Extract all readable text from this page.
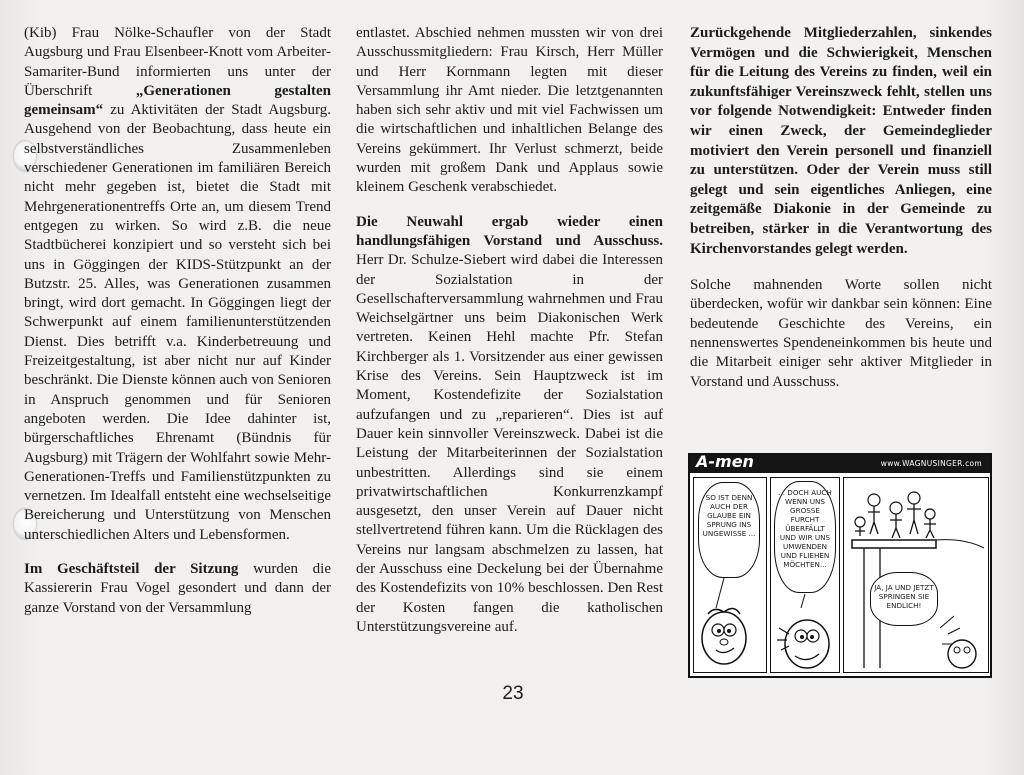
(Kib) Frau Nölke-Schaufler von der Stadt Augsburg und Frau Elsenbeer-Knott vom Arbeiter-Samariter-Bund informierten uns unter der Überschrift „Generationen gestalten gemeinsam“ zu Aktivitäten der Stadt Augsburg. Ausgehend von der Beobachtung, dass heute ein selbstverständliches Zusammenleben verschiedener Generationen im familiären Bereich nicht mehr gegeben ist, bietet die Stadt mit Mehrgenerationentreffs Orte an, um diesem Trend entgegen zu wirken. So wird z.B. die neue Stadtbücherei konzipiert und so versteht sich bei uns in Göggingen der KIDS-Stützpunkt an der Butzstr. 25. Alles, was Generationen zusammen bringt, wird dort gemacht. In Göggingen liegt der Schwerpunkt auf einem familienunterstützenden Dienst. Dies betrifft v.a. Kinderbetreuung und Freizeitgestaltung, ist aber nicht nur auf Kinder beschränkt. Die Dienste können auch von Senioren in Anspruch genommen und für Senioren angeboten werden. Die Idee dahinter ist, bürgerschaftliches Ehrenamt (Bündnis für Augsburg) mit Trägern der Wohlfahrt sowie Mehr-Generationen-Treffs und Familienstützpunkten zu vernetzen. Im Idealfall entsteht eine wechselseitige Bereicherung und Unterstützung von Menschen unterschiedlichen Alters und Lebensformen.

Im Geschäftsteil der Sitzung wurden die Kassiererin Frau Vogel gesondert und dann der ganze Vorstand von der Versammlung

entlastet. Abschied nehmen mussten wir von drei Ausschussmitgliedern: Frau Kirsch, Herr Müller und Herr Kornmann legten mit dieser Versammlung ihr Amt nieder. Die letztgenannten haben sich sehr aktiv und mit viel Fachwissen um die wirtschaftlichen und inhaltlichen Belange des Vereins gekümmert. Ihr Verlust schmerzt, beide wurden mit großem Dank und Applaus sowie kleinem Geschenk verabschiedet.

Die Neuwahl ergab wieder einen handlungsfähigen Vorstand und Ausschuss. Herr Dr. Schulze-Siebert wird dabei die Interessen der Sozialstation in der Gesellschafterversammlung wahrnehmen und Frau Weichselgärtner uns beim Diakonischen Werk vertreten. Keinen Hehl machte Pfr. Stefan Kirchberger als 1. Vorsitzender aus einer gewissen Krise des Vereins. Sein Hauptzweck ist im Moment, Kostendefizite der Sozialstation aufzufangen und zu „reparieren“. Dies ist auf Dauer kein sinnvoller Vereinszweck. Dabei ist die Leistung der Mitarbeiterinnen der Sozialstation unbestritten. Allerdings sind sie einem privatwirtschaftlichen Konkurrenzkampf ausgesetzt, den unser Verein auf Dauer nicht stellvertretend führen kann. Um die Rücklagen des Vereins nur langsam abschmelzen zu lassen, hat der Ausschuss eine Deckelung bei der Übernahme des Kostendefizits von 10% beschlossen. Den Rest der Kosten fangen die katholischen Unterstützungsvereine auf.

Zurückgehende Mitgliederzahlen, sinkendes Vermögen und die Schwierigkeit, Menschen für die Leitung des Vereins zu finden, weil ein zukunftsfähiger Vereinszweck fehlt, stellen uns vor folgende Notwendigkeit: Entweder finden wir einen Zweck, der Gemeindeglieder motiviert den Verein personell und finanziell zu unterstützen. Oder der Verein muss still gelegt und sein eigentliches Anliegen, eine zeitgemäße Diakonie in der Gemeinde zu betreiben, stärker in die Verantwortung des Kirchenvorstandes gelegt werden.

Solche mahnenden Worte sollen nicht überdecken, wofür wir dankbar sein können: Eine bedeutende Geschichte des Vereins, ein nennenswertes Spendeneinkommen bis heute und die Mitarbeit einiger sehr aktiver Mitglieder in Vorstand und Ausschuss.

A-men	www.WAGNUSINGER.com
SO IST DENN AUCH DER GLAUBE EIN SPRUNG INS UNGEWISSE ...
... DOCH AUCH WENN UNS GROSSE FURCHT ÜBERFÄLLT UND WIR UNS UMWENDEN UND FLIEHEN MÖCHTEN...
JA, JA UND JETZT SPRINGEN SIE ENDLICH!
23
